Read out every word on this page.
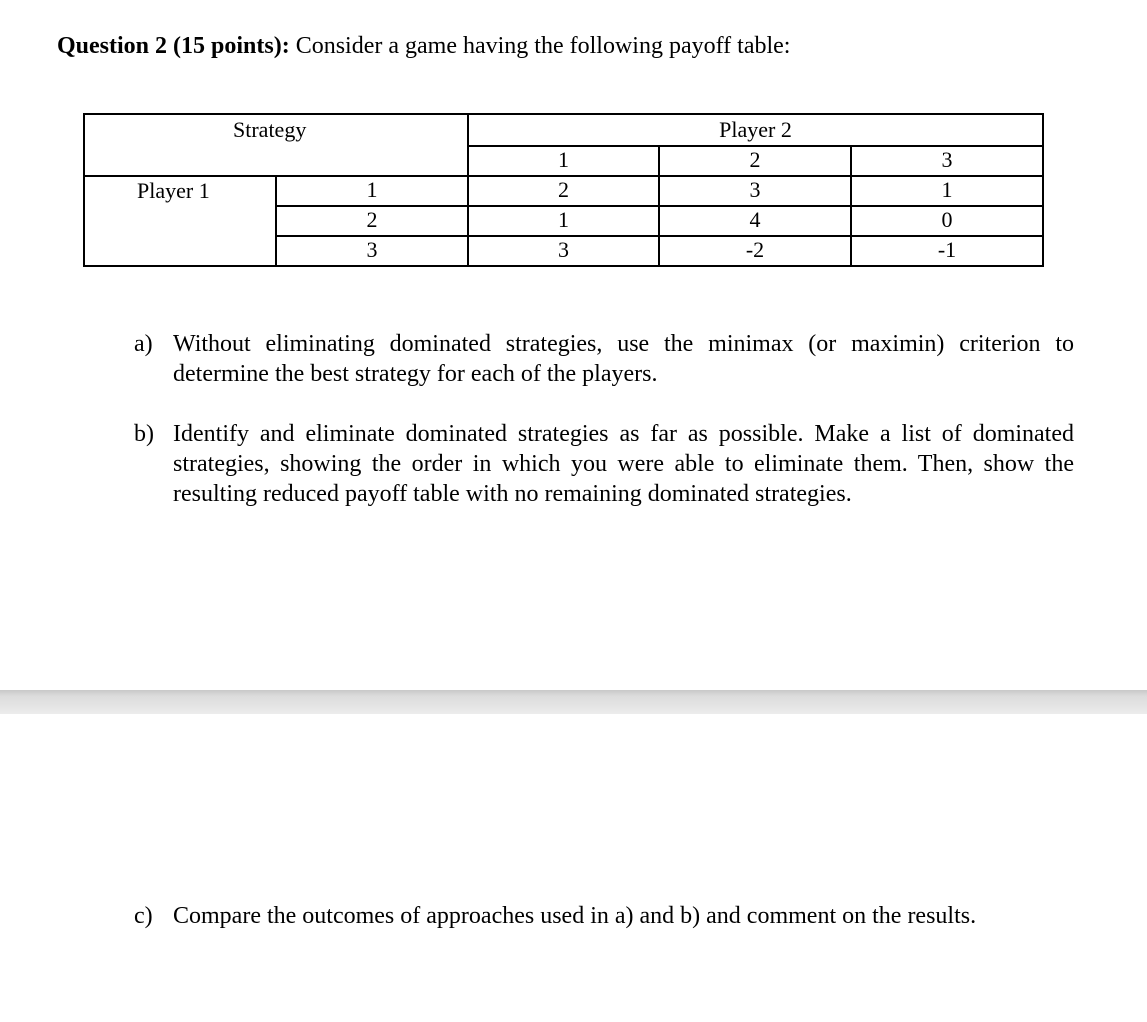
Question 2 (15 points): Consider a game having the following payoff table:
Strategy		Player 2		
		1	2	3
Player 1	1	2	3	1
	2	1	4	0
	3	3	-2	-1
a) Without eliminating dominated strategies, use the minimax (or maximin) criterion to determine the best strategy for each of the players.
b) Identify and eliminate dominated strategies as far as possible. Make a list of dominated strategies, showing the order in which you were able to eliminate them. Then, show the resulting reduced payoff table with no remaining dominated strategies.
c) Compare the outcomes of approaches used in a) and b) and comment on the results.
